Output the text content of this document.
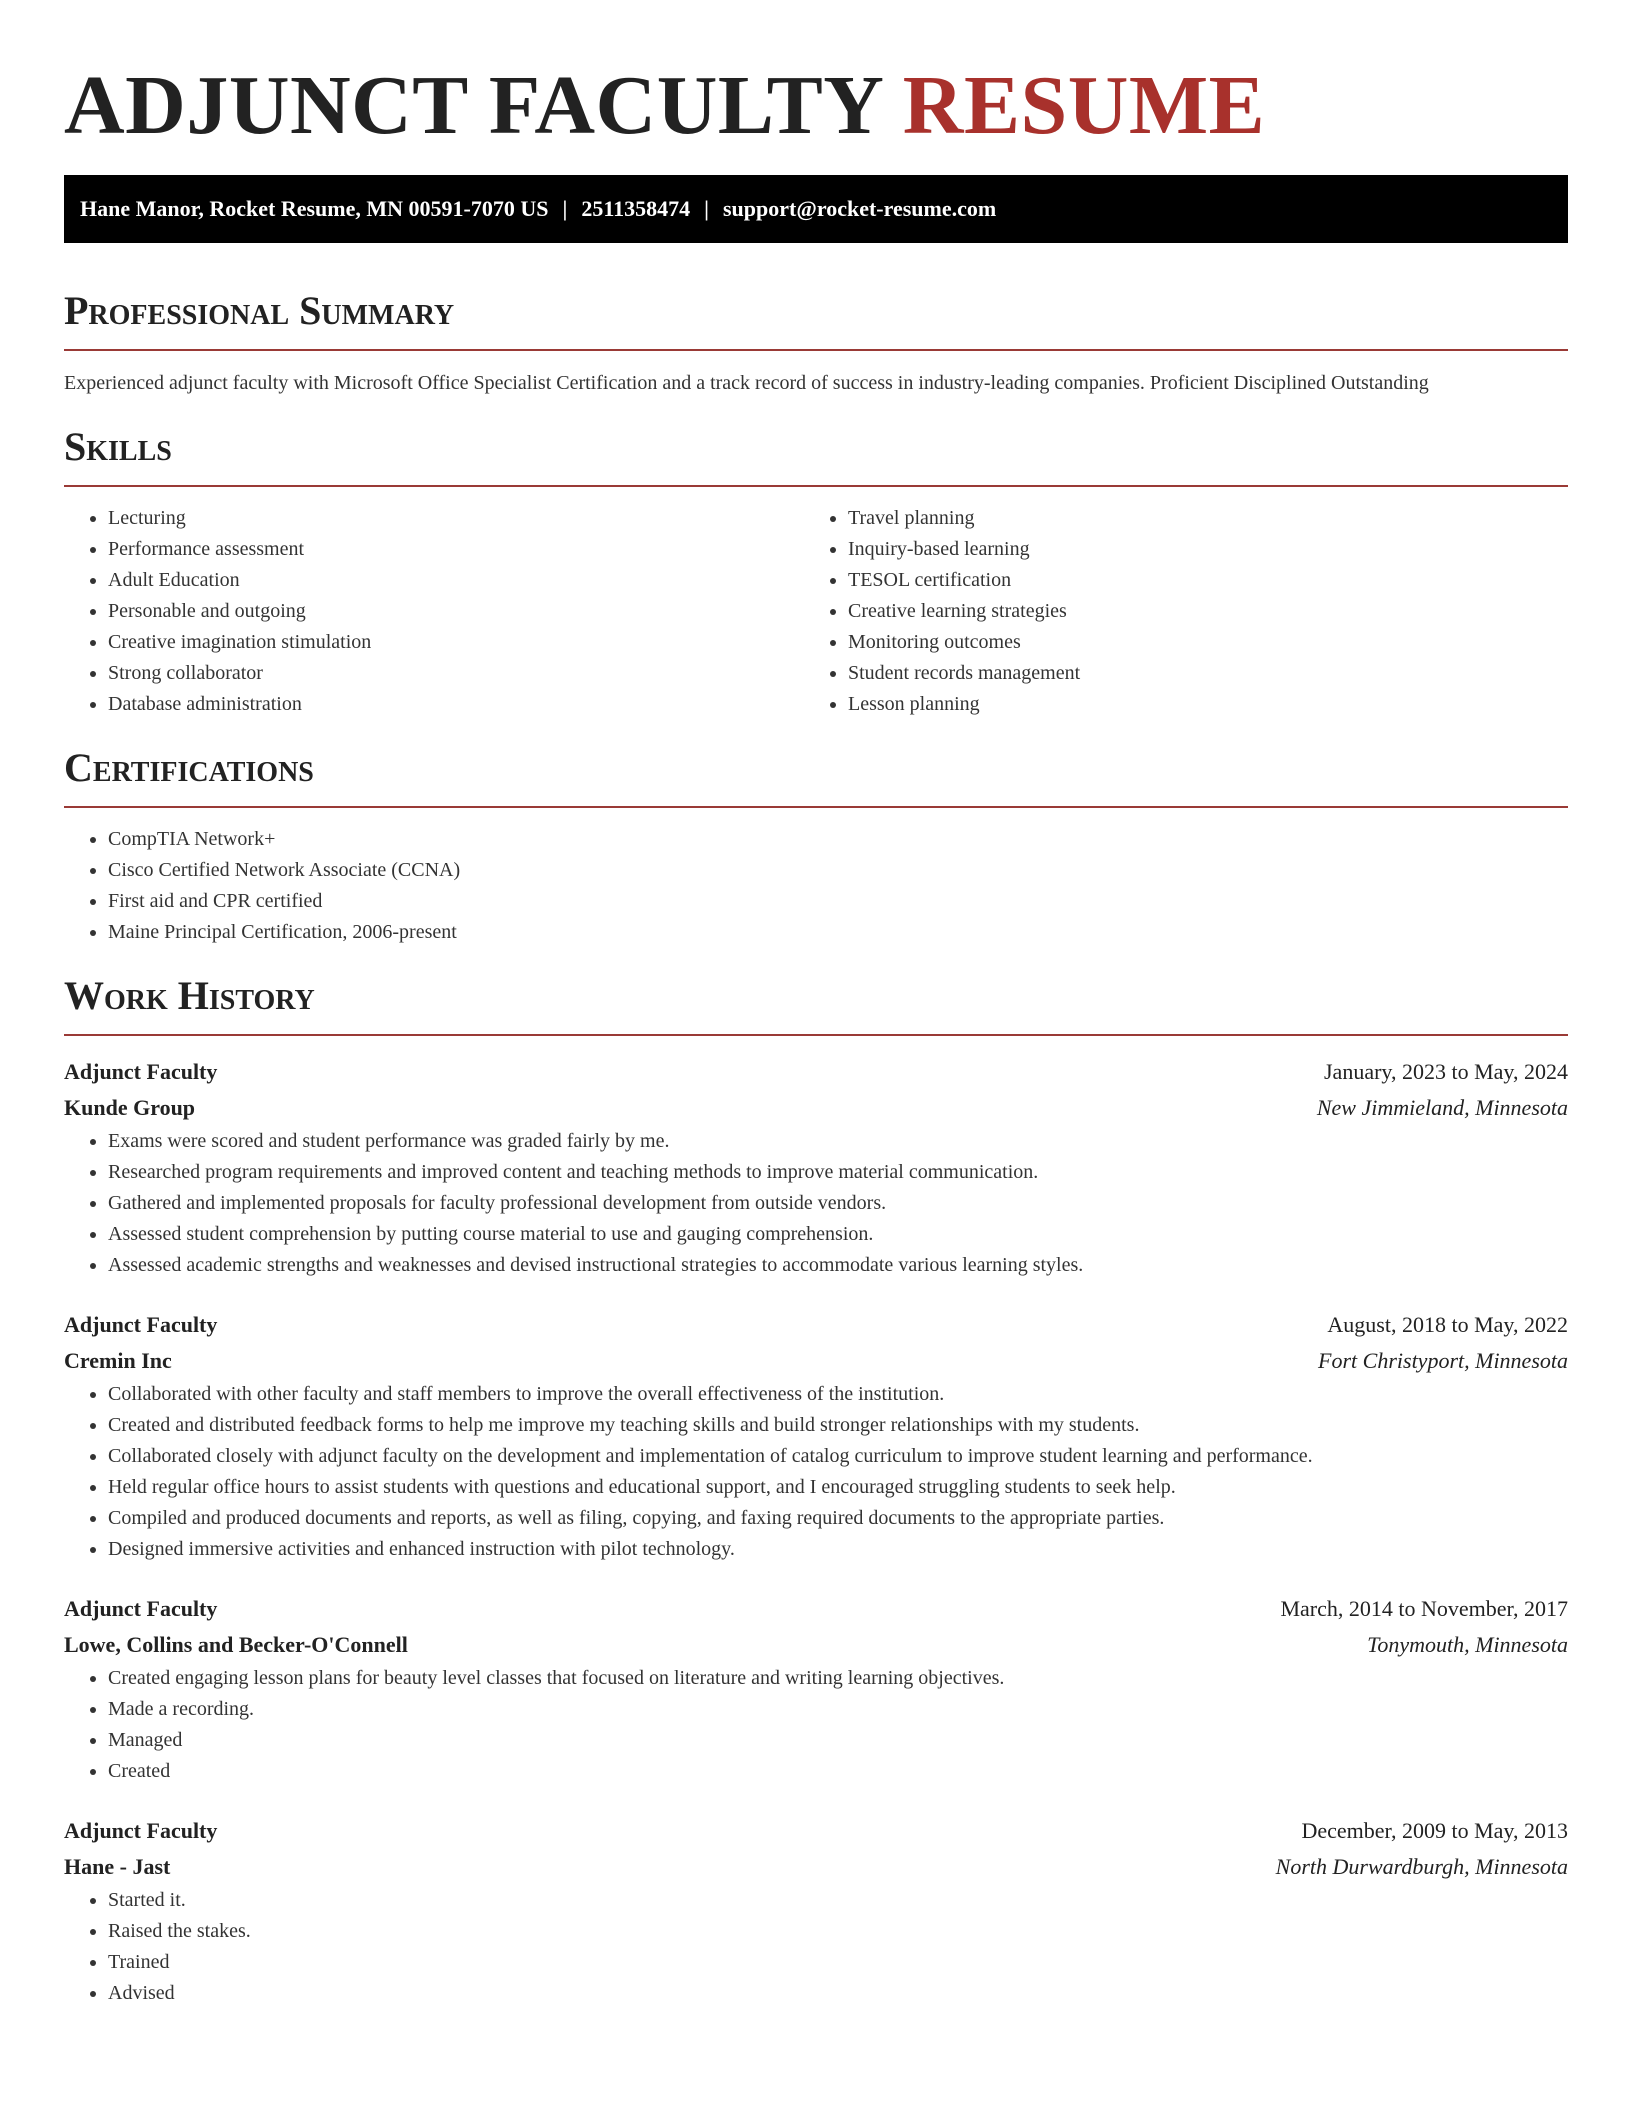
ADJUNCT FACULTY RESUME
Hane Manor, Rocket Resume, MN 00591-7070 US | 2511358474 | support@rocket-resume.com
Professional Summary

Experienced adjunct faculty with Microsoft Office Specialist Certification and a track record of success in industry-leading companies. Proficient Disciplined Outstanding

Skills
• Lecturing
• Performance assessment
• Adult Education
• Personable and outgoing
• Creative imagination stimulation
• Strong collaborator
• Database administration
• Travel planning
• Inquiry-based learning
• TESOL certification
• Creative learning strategies
• Monitoring outcomes
• Student records management
• Lesson planning
Certifications
• CompTIA Network+
• Cisco Certified Network Associate (CCNA)
• First aid and CPR certified
• Maine Principal Certification, 2006-present
Work History
Adjunct Faculty	January, 2023 to May, 2024
Kunde Group	New Jimmieland, Minnesota
• Exams were scored and student performance was graded fairly by me.
• Researched program requirements and improved content and teaching methods to improve material communication.
• Gathered and implemented proposals for faculty professional development from outside vendors.
• Assessed student comprehension by putting course material to use and gauging comprehension.
• Assessed academic strengths and weaknesses and devised instructional strategies to accommodate various learning styles.
Adjunct Faculty	August, 2018 to May, 2022
Cremin Inc	Fort Christyport, Minnesota
• Collaborated with other faculty and staff members to improve the overall effectiveness of the institution.
• Created and distributed feedback forms to help me improve my teaching skills and build stronger relationships with my students.
• Collaborated closely with adjunct faculty on the development and implementation of catalog curriculum to improve student learning and performance.
• Held regular office hours to assist students with questions and educational support, and I encouraged struggling students to seek help.
• Compiled and produced documents and reports, as well as filing, copying, and faxing required documents to the appropriate parties.
• Designed immersive activities and enhanced instruction with pilot technology.
Adjunct Faculty	March, 2014 to November, 2017
Lowe, Collins and Becker-O'Connell	Tonymouth, Minnesota
• Created engaging lesson plans for beauty level classes that focused on literature and writing learning objectives.
• Made a recording.
• Managed
• Created
Adjunct Faculty	December, 2009 to May, 2013
Hane - Jast	North Durwardburgh, Minnesota
• Started it.
• Raised the stakes.
• Trained
• Advised
